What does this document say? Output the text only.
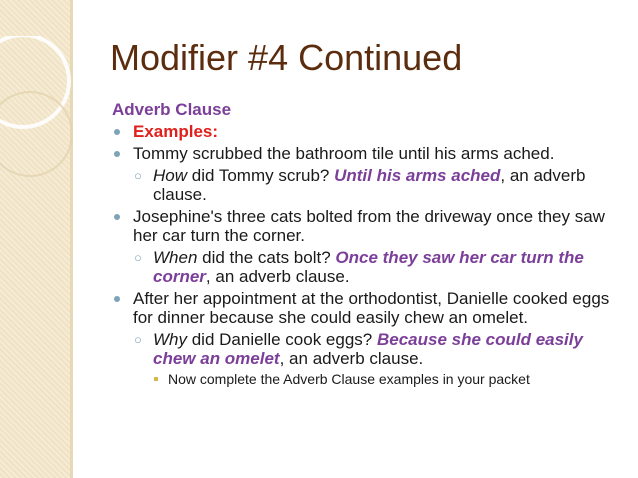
Modifier #4 Continued
Adverb Clause
Examples:
Tommy scrubbed the bathroom tile until his arms ached.
○ How did Tommy scrub? Until his arms ached, an adverb clause.
Josephine's three cats bolted from the driveway once they saw her car turn the corner.
○ When did the cats bolt? Once they saw her car turn the corner, an adverb clause.
After her appointment at the orthodontist, Danielle cooked eggs for dinner because she could easily chew an omelet.
○ Why did Danielle cook eggs? Because she could easily chew an omelet, an adverb clause.
Now complete the Adverb Clause examples in your packet
